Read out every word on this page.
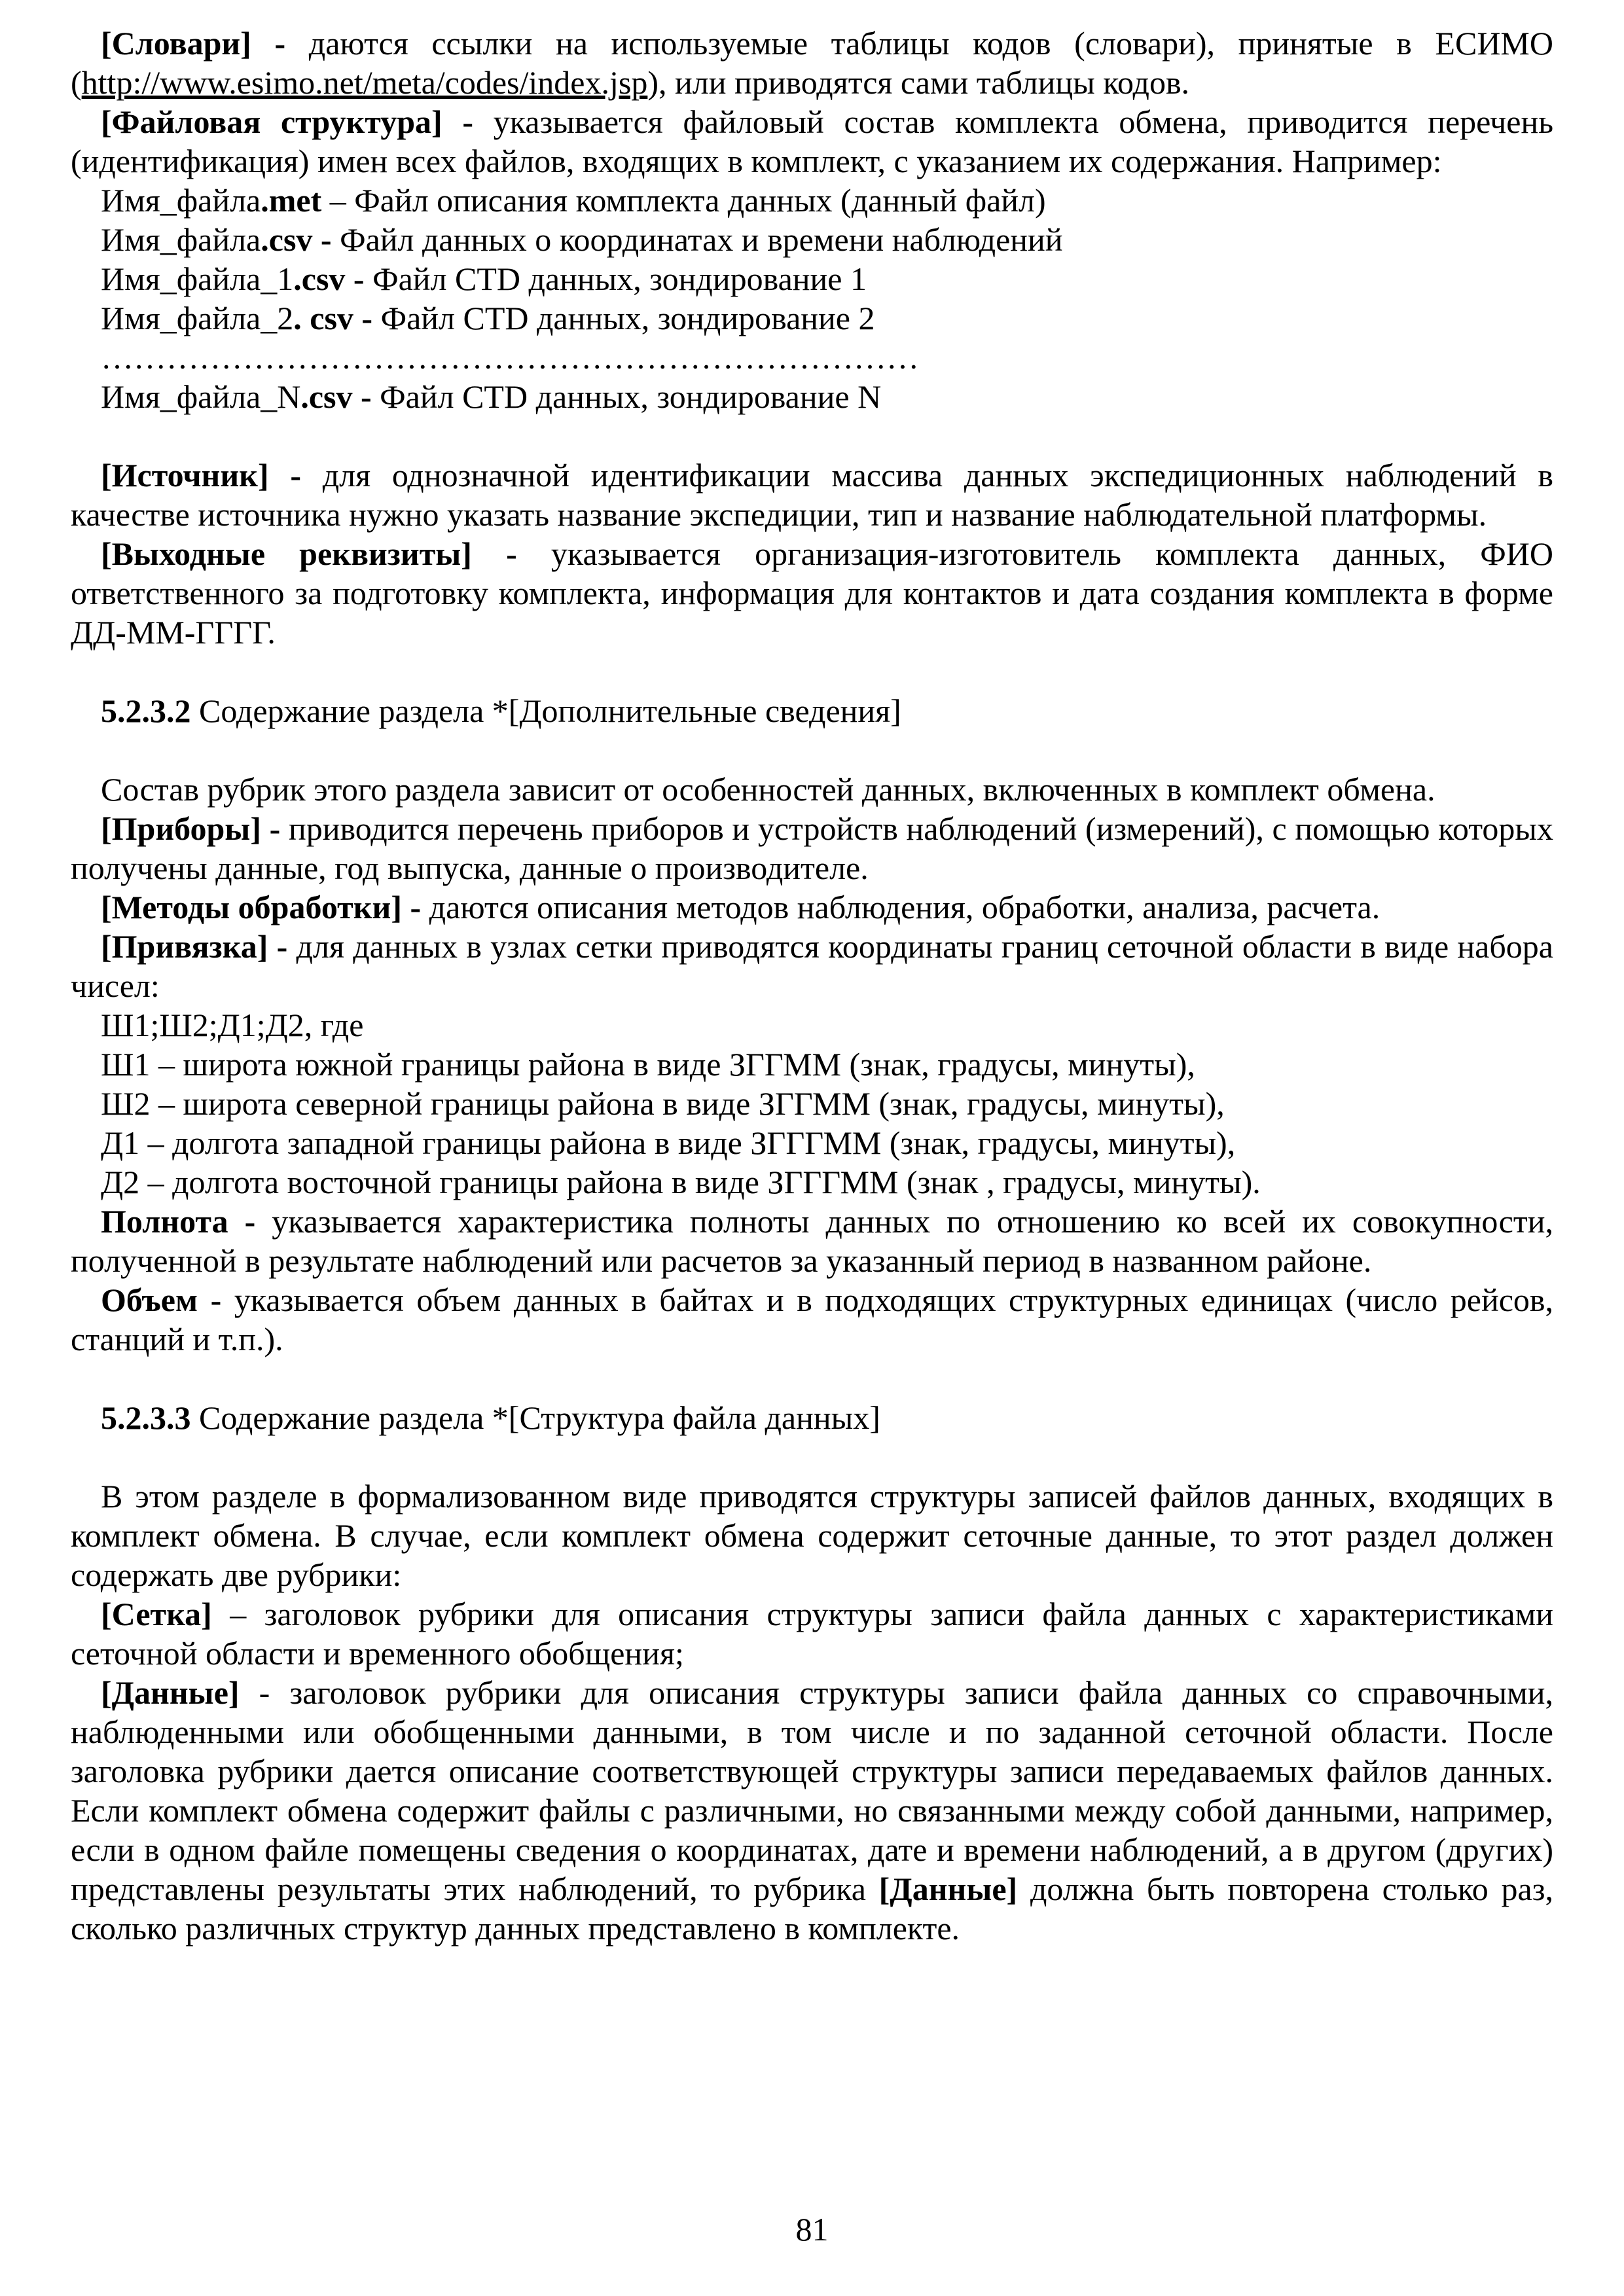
[Словари] - даются ссылки на используемые таблицы кодов (словари), принятые в ЕСИМО (http://www.esimo.net/meta/codes/index.jsp), или приводятся сами таблицы кодов.

[Файловая структура] - указывается файловый состав комплекта обмена, приводится перечень (идентификация) имен всех файлов, входящих в комплект, с указанием их содержания. Например:

Имя_файла.met – Файл описания комплекта данных (данный файл)

Имя_файла.csv - Файл данных о координатах и времени наблюдений

Имя_файла_1.csv - Файл CTD данных, зондирование 1

Имя_файла_2. csv - Файл CTD данных, зондирование 2

…………………………………………………………………

Имя_файла_N.csv - Файл CTD данных, зондирование N

[Источник] - для однозначной идентификации массива данных экспедиционных наблюдений в качестве источника нужно указать название экспедиции, тип и название наблюдательной платформы.

[Выходные реквизиты] - указывается организация-изготовитель комплекта данных, ФИО ответственного за подготовку комплекта, информация для контактов и дата создания комплекта в форме ДД-ММ-ГГГГ.

5.2.3.2 Содержание раздела *[Дополнительные сведения]

Состав рубрик этого раздела зависит от особенностей данных, включенных в комплект обмена.

[Приборы] - приводится перечень приборов и устройств наблюдений (измерений), с помощью которых получены данные, год выпуска, данные о производителе.

[Методы обработки] - даются описания методов наблюдения, обработки, анализа, расчета.

[Привязка] - для данных в узлах сетки приводятся координаты границ сеточной области в виде набора чисел:

Ш1;Ш2;Д1;Д2, где

Ш1 – широта южной границы района в виде ЗГГММ (знак, градусы, минуты),

Ш2 – широта северной границы района в виде ЗГГММ (знак, градусы, минуты),

Д1 – долгота западной границы района в виде ЗГГГММ (знак, градусы, минуты),

Д2 – долгота восточной границы района в виде ЗГГГММ (знак , градусы, минуты).

Полнота - указывается характеристика полноты данных по отношению ко всей их совокупности, полученной в результате наблюдений или расчетов за указанный период в названном районе.

Объем - указывается объем данных в байтах и в подходящих структурных единицах (число рейсов, станций и т.п.).

5.2.3.3 Содержание раздела *[Структура файла данных]

В этом разделе в формализованном виде приводятся структуры записей файлов данных, входящих в комплект обмена. В случае, если комплект обмена содержит сеточные данные, то этот раздел должен содержать две рубрики:

[Сетка] – заголовок рубрики для описания структуры записи файла данных с характеристиками сеточной области и временного обобщения;

[Данные] - заголовок рубрики для описания структуры записи файла данных со справочными, наблюденными или обобщенными данными, в том числе и по заданной сеточной области. После заголовка рубрики дается описание соответствующей структуры записи передаваемых файлов данных. Если комплект обмена содержит файлы с различными, но связанными между собой данными, например, если в одном файле помещены сведения о координатах, дате и времени наблюдений, а в другом (других) представлены результаты этих наблюдений, то рубрика [Данные] должна быть повторена столько раз, сколько различных структур данных представлено в комплекте.

81
